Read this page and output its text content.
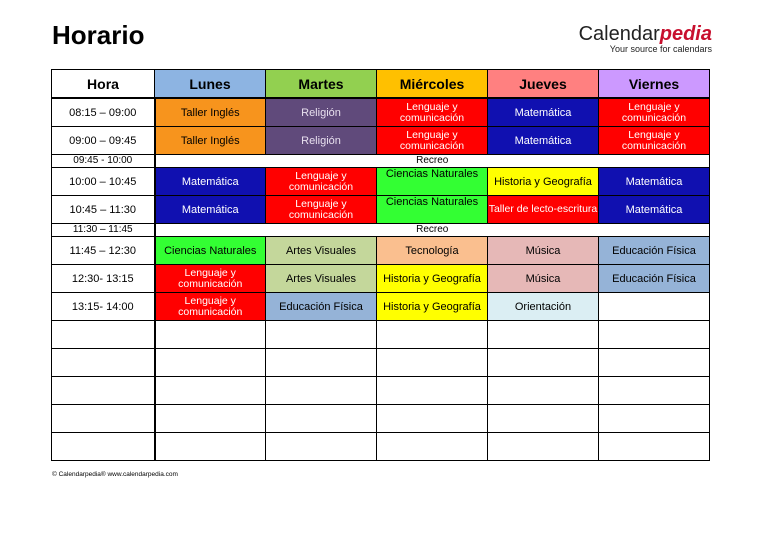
Horario	Calendarpedia
Your source for calendars
Hora	Lunes	Martes	Miércoles	Jueves	Viernes
08:15 – 09:00	Taller Inglés	Religión	Lenguaje y comunicación	Matemática	Lenguaje y comunicación
09:00 – 09:45	Taller Inglés	Religión	Lenguaje y comunicación	Matemática	Lenguaje y comunicación
09:45 - 10:00	Recreo				
10:00 – 10:45	Matemática	Lenguaje y comunicación	Ciencias Naturales	Historia y Geografía	Matemática
10:45 – 11:30	Matemática	Lenguaje y comunicación	Ciencias Naturales	Taller de lecto-escritura	Matemática
11:30 – 11:45	Recreo				
11:45 – 12:30	Ciencias Naturales	Artes Visuales	Tecnología	Música	Educación Física
12:30- 13:15	Lenguaje y comunicación	Artes Visuales	Historia y Geografía	Música	Educación Física
13:15- 14:00	Lenguaje y comunicación	Educación Física	Historia y Geografía	Orientación	

© Calendarpedia® www.calendarpedia.com
